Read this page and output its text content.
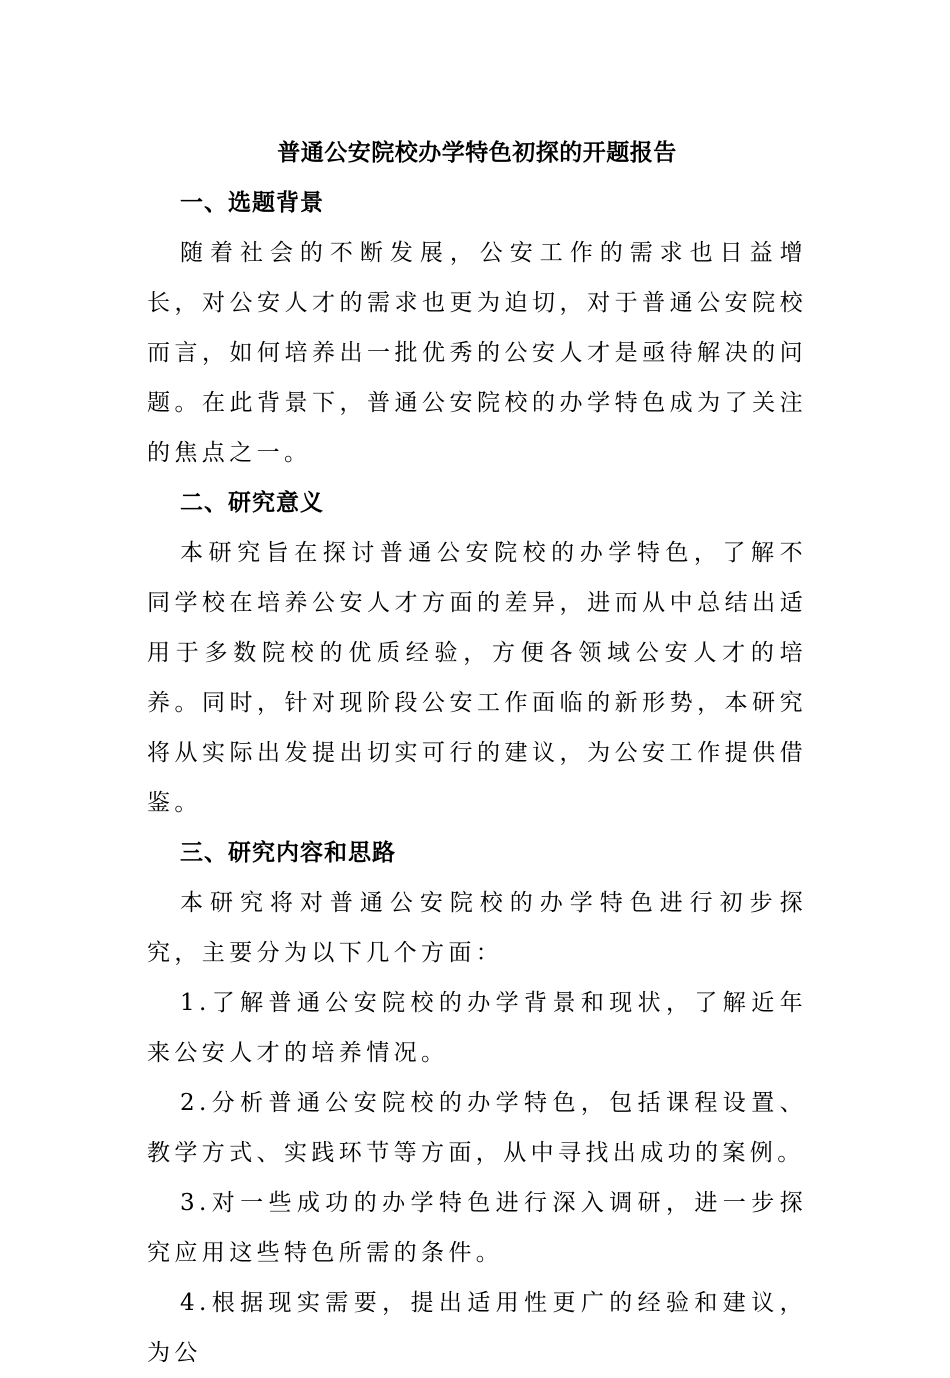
普通公安院校办学特色初探的开题报告
一、选题背景

随着社会的不断发展，公安工作的需求也日益增长，对公安人才的需求也更为迫切，对于普通公安院校而言，如何培养出一批优秀的公安人才是亟待解决的问题。在此背景下，普通公安院校的办学特色成为了关注的焦点之一。

二、研究意义

本研究旨在探讨普通公安院校的办学特色，了解不同学校在培养公安人才方面的差异，进而从中总结出适用于多数院校的优质经验，方便各领域公安人才的培养。同时，针对现阶段公安工作面临的新形势，本研究将从实际出发提出切实可行的建议，为公安工作提供借鉴。

三、研究内容和思路

本研究将对普通公安院校的办学特色进行初步探究，主要分为以下几个方面：

1.了解普通公安院校的办学背景和现状，了解近年来公安人才的培养情况。

2.分析普通公安院校的办学特色，包括课程设置、教学方式、实践环节等方面，从中寻找出成功的案例。

3.对一些成功的办学特色进行深入调研，进一步探究应用这些特色所需的条件。

4.根据现实需要，提出适用性更广的经验和建议，为公
